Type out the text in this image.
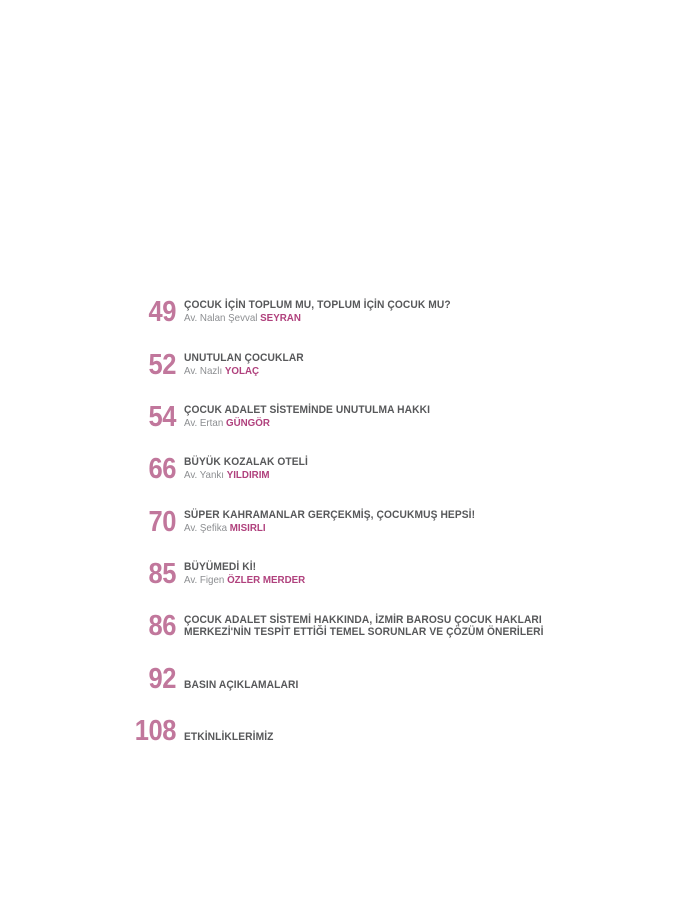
49 ÇOCUK İÇİN TOPLUM MU, TOPLUM İÇİN ÇOCUK MU?
Av. Nalan Şevval SEYRAN
52 UNUTULAN ÇOCUKLAR
Av. Nazlı YOLAÇ
54 ÇOCUK ADALET SİSTEMİNDE UNUTULMA HAKKI
Av. Ertan GÜNGÖR
66 BÜYÜK KOZALAK OTELİ
Av. Yankı YILDIRIM
70 SÜPER KAHRAMANLAR GERÇEKMİŞ, ÇOCUKMUŞ HEPSİ!
Av. Şefika MISIRLI
85 BÜYÜMEDİ Kİ!
Av. Figen ÖZLER MERDER
86 ÇOCUK ADALET SİSTEMİ HAKKINDA, İZMİR BAROSU ÇOCUK HAKLARI
MERKEZİ'NİN TESPİT ETTİĞİ TEMEL SORUNLAR VE ÇÖZÜM ÖNERİLERİ
92 BASIN AÇIKLAMALARI
108 ETKİNLİKLERİMİZ
